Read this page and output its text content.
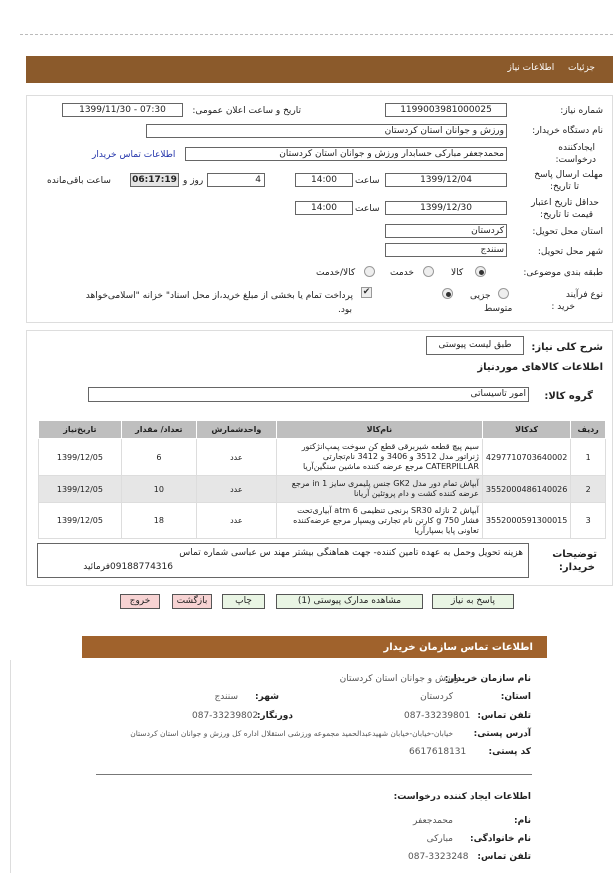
جزئیات  اطلاعات نیاز
شماره نیاز:
1199003981000025
تاریخ و ساعت اعلان عمومی:
1399/11/30 - 07:30
نام دستگاه خریدار:
ورزش و جوانان استان کردستان
ایجادکننده
درخواست:
محمدجعفر مبارکی حسابدار ورزش و جوانان استان کردستان
اطلاعات تماس خریدار
مهلت ارسال پاسخ
تا تاریخ:
1399/12/04
ساعت
14:00
4
روز و
06:17:19
ساعت باقی‌مانده
حداقل تاریخ اعتبار
قیمت تا تاریخ:
1399/12/30
ساعت
14:00
استان محل تحویل:
کردستان
شهر محل تحویل:
سنندج
طبقه بندی موضوعی:
کالا
خدمت
کالا/خدمت
نوع فرآیند
خرید :
جزیی
متوسط
✔
پرداخت تمام یا بخشی از مبلغ خرید،از محل اسناد" خزانه "اسلامی‌خواهد
بود.
شرح کلی نیاز:
طبق لیست پیوستی
اطلاعات کالاهای موردنیاز
گروه کالا:
امور تاسیساتی
ردیف	کدکالا	نام‌کالا	واحدشمارش	تعداد/ مقدار	تاریخ‌نیاز
1	4297710703640002	سیم پیچ قطعه شیربرقی قطع کن سوخت پمپ‌انژکتور ژنراتور مدل 3512 و 3406 و 3412 نام‌تجارتی CATERPILLAR مرجع عرضه کننده ماشین سنگین‌آریا	عدد	6	1399/12/05
2	3552000486140026	آبپاش تمام دور مدل GK2 جنس پلیمری سایز 1 in مرجع عرضه کننده کشت و دام پروتئین آریانا	عدد	10	1399/12/05
3	3552000591300015	آبپاش 2 نازله SR30 برنجی تنظیمی 6 atm آبیاری‌تحت فشار 750 g کارتن نام تجارتی ویسپار مرجع عرضه‌کننده تعاونی پایا بسپارآریا	عدد	18	1399/12/05
توضیحات
خریدار:
هزینه تحویل وحمل به عهده تامین کننده- جهت هماهنگی بیشتر مهند س عباسی شماره تماس
09188774316فرمائید
پاسخ به نیاز
مشاهده مدارک پیوستی (1)
چاپ
بازگشت
خروج
اطلاعات تماس سازمان خریدار
نام سازمان خریدار:
ورزش و جوانان استان کردستان
استان:
کردستان
شهر:
سنندج
تلفن تماس:
087-33239801
دورنگار:
087-33239802
آدرس پستی:
خیابان-خیابان-خیابان شهید‌عبدالحمید مجموعه ورزشی استقلال اداره کل ورزش و جوانان استان کردستان
کد پستی:
6617618131
اطلاعات ایجاد کننده درخواست:
نام:
محمدجعفر
نام خانوادگی:
مبارکی
تلفن تماس:
087-3323248
